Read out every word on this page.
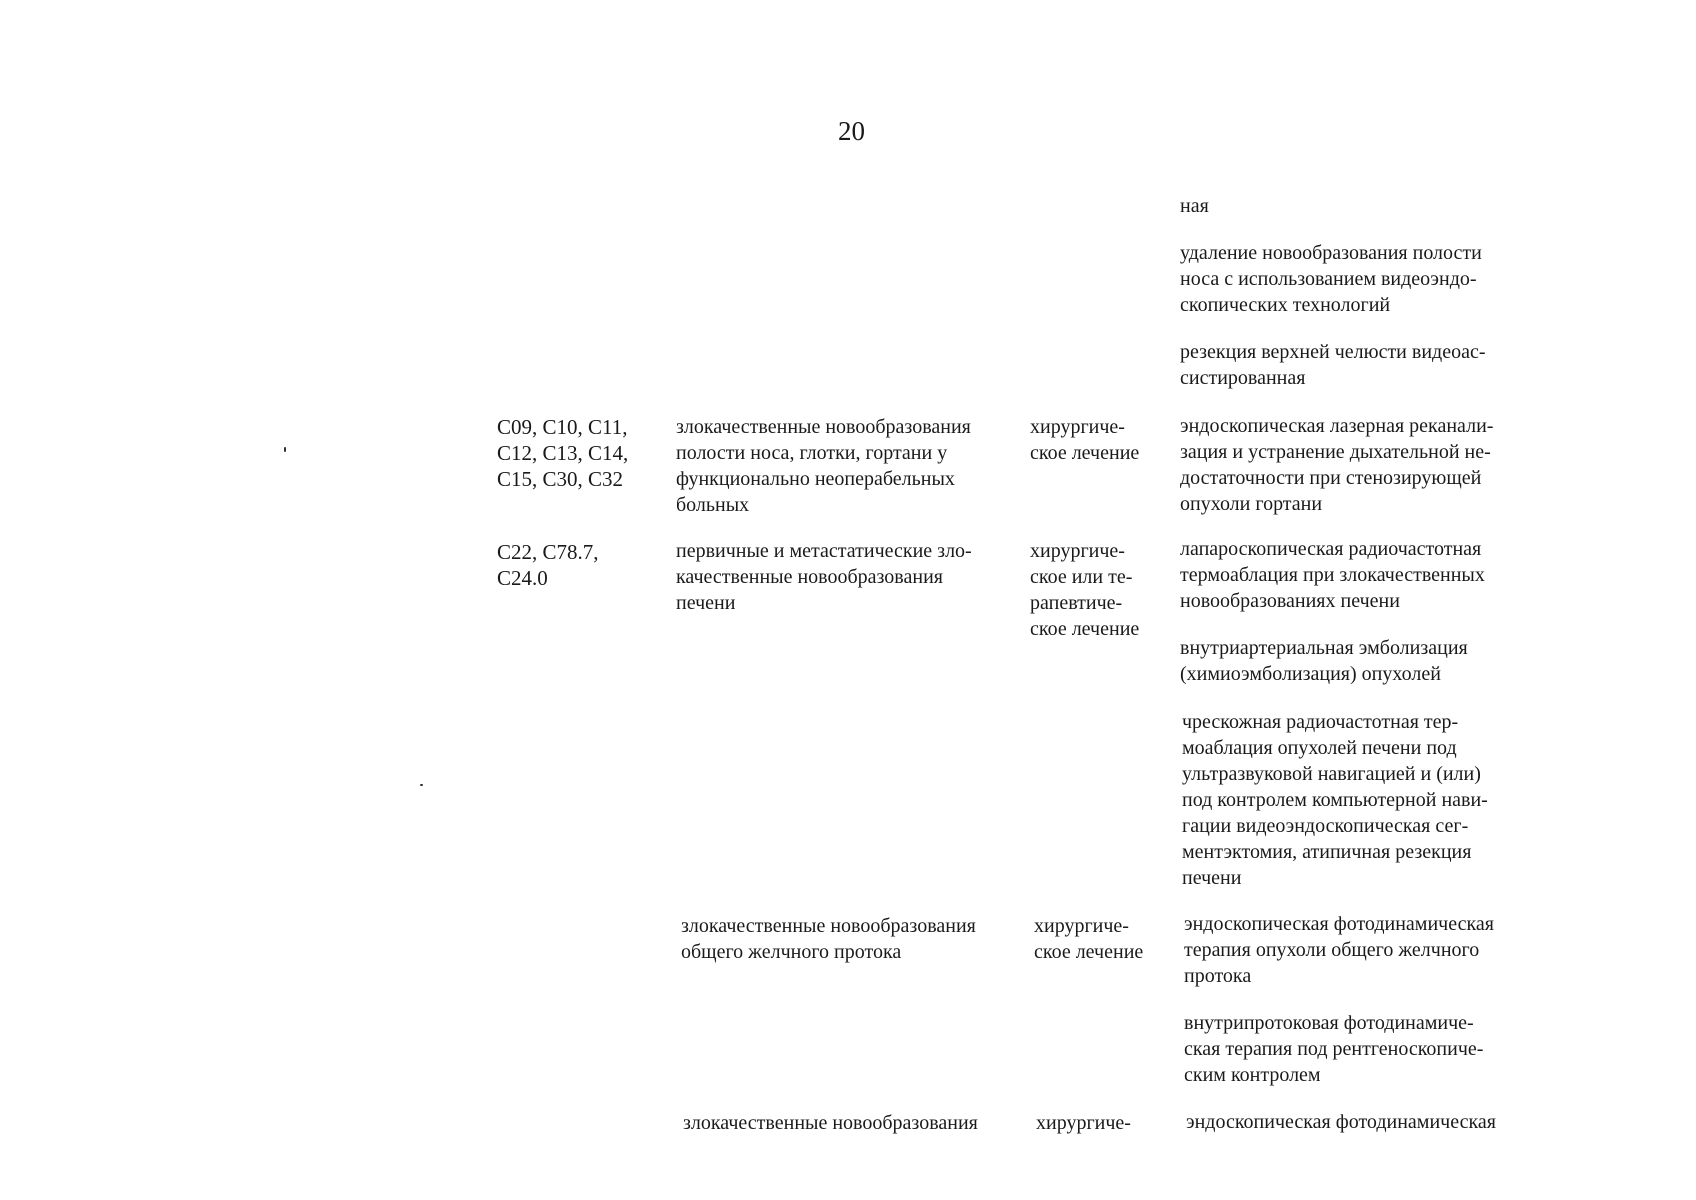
20

ная

удаление новообразования полости
носа с использованием видеоэндо-
скопических технологий

резекция верхней челюсти видеоас-
систированная

C09, C10, C11,
C12, C13, C14,
C15, C30, C32

злокачественные новообразования
полости носа, глотки, гортани у
функционально неоперабельных
больных

хирургиче-
ское лечение

эндоскопическая лазерная реканали-
зация и устранение дыхательной не-
достаточности при стенозирующей
опухоли гортани

C22, C78.7,
C24.0

первичные и метастатические зло-
качественные новообразования
печени

хирургиче-
ское или те-
рапевтиче-
ское лечение

лапароскопическая радиочастотная
термоаблация при злокачественных
новообразованиях печени

внутриартериальная эмболизация
(химиоэмболизация) опухолей

чрескожная радиочастотная тер-
моаблация опухолей печени под
ультразвуковой навигацией и (или)
под контролем компьютерной нави-
гации видеоэндоскопическая сег-
ментэктомия, атипичная резекция
печени

злокачественные новообразования
общего желчного протока

хирургиче-
ское лечение

эндоскопическая фотодинамическая
терапия опухоли общего желчного
протока

внутрипротоковая фотодинамиче-
ская терапия под рентгеноскопиче-
ским контролем

злокачественные новообразования	хирургиче-	эндоскопическая фотодинамическая
